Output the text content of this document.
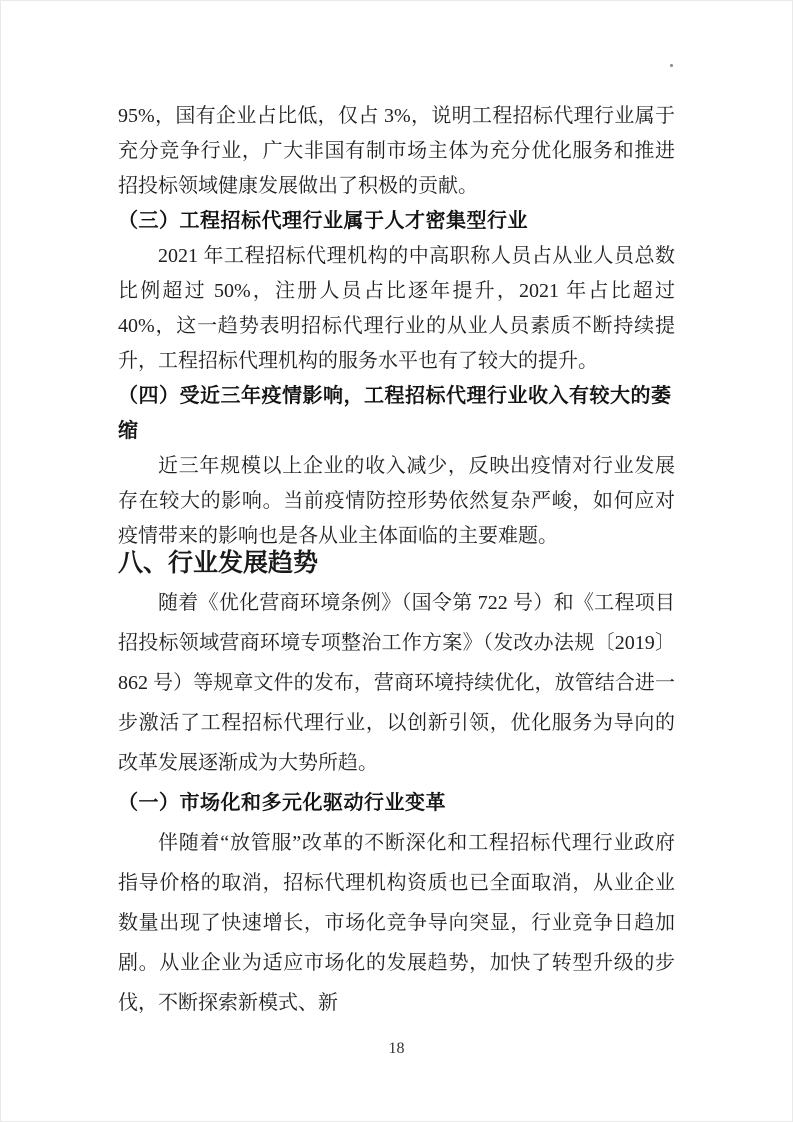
95%，国有企业占比低，仅占 3%，说明工程招标代理行业属于充分竞争行业，广大非国有制市场主体为充分优化服务和推进招投标领域健康发展做出了积极的贡献。

（三）工程招标代理行业属于人才密集型行业

2021 年工程招标代理机构的中高职称人员占从业人员总数比例超过 50%，注册人员占比逐年提升，2021 年占比超过 40%，这一趋势表明招标代理行业的从业人员素质不断持续提升，工程招标代理机构的服务水平也有了较大的提升。

（四）受近三年疫情影响，工程招标代理行业收入有较大的萎缩

近三年规模以上企业的收入减少，反映出疫情对行业发展存在较大的影响。当前疫情防控形势依然复杂严峻，如何应对疫情带来的影响也是各从业主体面临的主要难题。

八、行业发展趋势

随着《优化营商环境条例》（国令第 722 号）和《工程项目招投标领域营商环境专项整治工作方案》（发改办法规〔2019〕862 号）等规章文件的发布，营商环境持续优化，放管结合进一步激活了工程招标代理行业，以创新引领，优化服务为导向的改革发展逐渐成为大势所趋。

（一）市场化和多元化驱动行业变革

伴随着“放管服”改革的不断深化和工程招标代理行业政府指导价格的取消，招标代理机构资质也已全面取消，从业企业数量出现了快速增长，市场化竞争导向突显，行业竞争日趋加剧。从业企业为适应市场化的发展趋势，加快了转型升级的步伐，不断探索新模式、新

18
